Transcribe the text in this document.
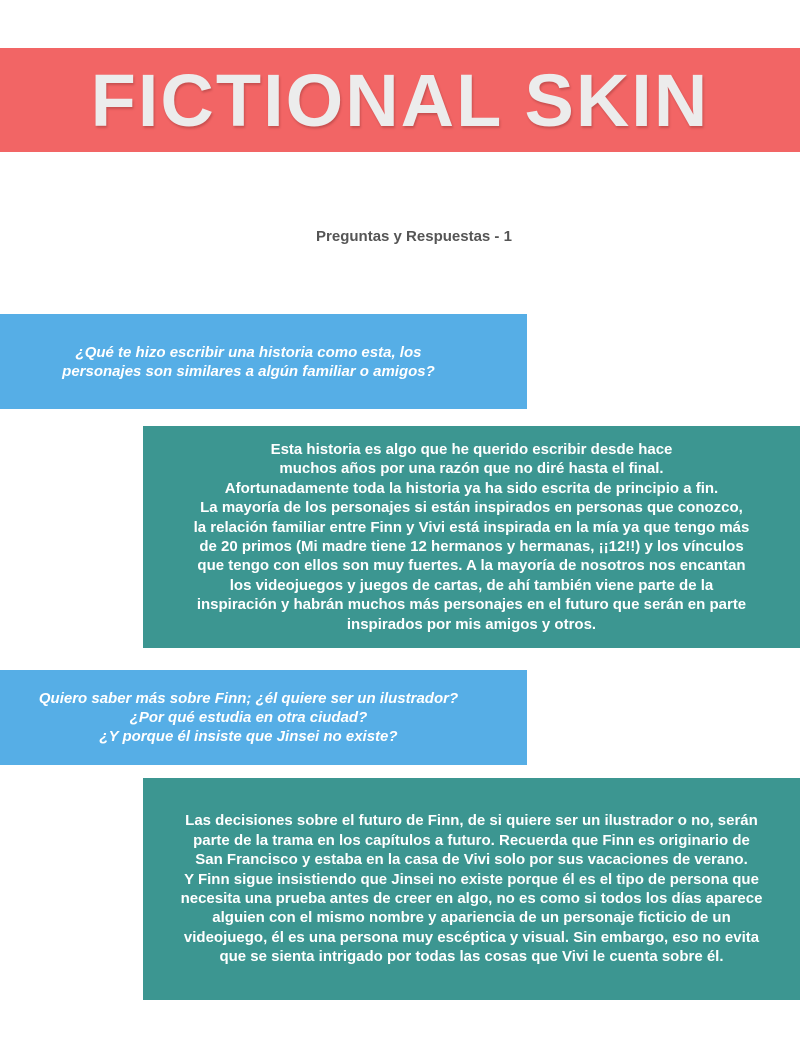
FICTIONAL SKIN
Preguntas y Respuestas - 1
¿Qué te hizo escribir una historia como esta, los
personajes son similares a algún familiar o amigos?
Esta historia es algo que he querido escribir desde hace
muchos años por una razón que no diré hasta el final.
Afortunadamente toda la historia ya ha sido escrita de principio a fin.
La mayoría de los personajes si están inspirados en personas que conozco,
la relación familiar entre Finn y Vivi está inspirada en la mía ya que tengo más
de 20 primos (Mi madre tiene 12 hermanos y hermanas, ¡¡12!!) y los vínculos
que tengo con ellos son muy fuertes. A la mayoría de nosotros nos encantan
los videojuegos y juegos de cartas, de ahí también viene parte de la
inspiración y habrán muchos más personajes en el futuro que serán en parte
inspirados por mis amigos y otros.
Quiero saber más sobre Finn; ¿él quiere ser un ilustrador?
¿Por qué estudia en otra ciudad?
¿Y porque él insiste que Jinsei no existe?
Las decisiones sobre el futuro de Finn, de si quiere ser un ilustrador o no, serán
parte de la trama en los capítulos a futuro. Recuerda que Finn es originario de
San Francisco y estaba en la casa de Vivi solo por sus vacaciones de verano.
Y Finn sigue insistiendo que Jinsei no existe porque él es el tipo de persona que
necesita una prueba antes de creer en algo, no es como si todos los días aparece
alguien con el mismo nombre y apariencia de un personaje ficticio de un
videojuego, él es una persona muy escéptica y visual. Sin embargo, eso no evita
que se sienta intrigado por todas las cosas que Vivi le cuenta sobre él.
